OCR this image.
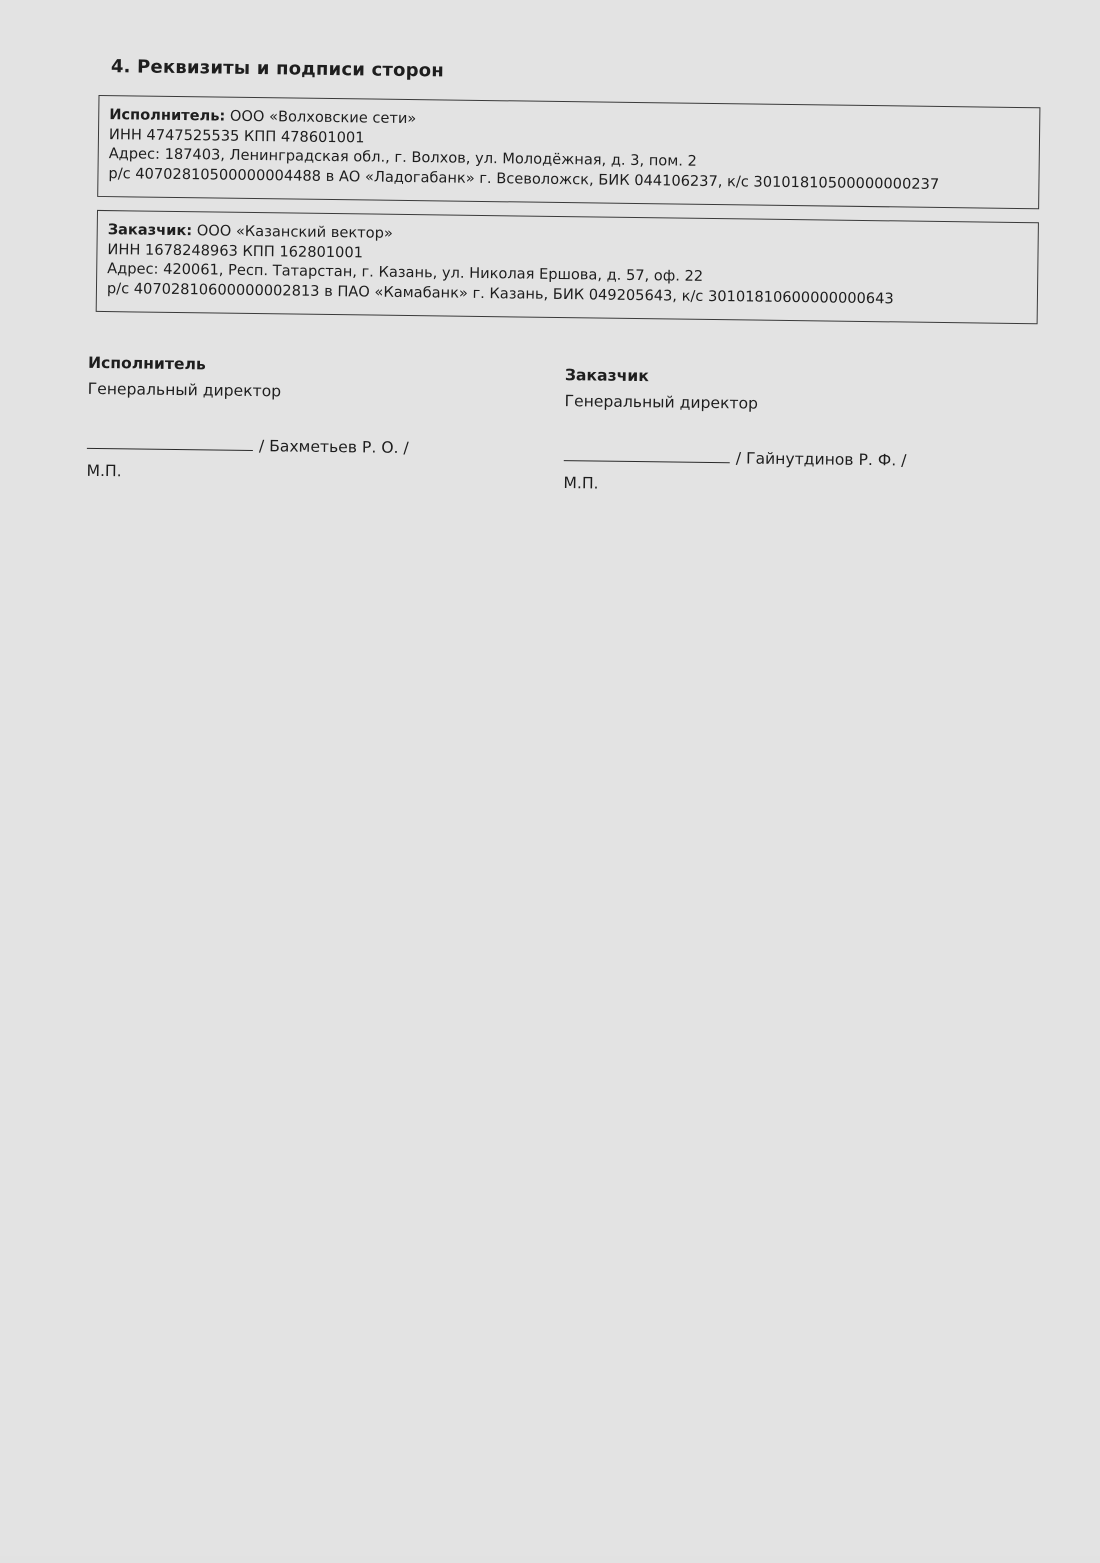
4. Реквизиты и подписи сторон
Исполнитель: ООО «Волховские сети»
ИНН 4747525535 КПП 478601001
Адрес: 187403, Ленинградская обл., г. Волхов, ул. Молодёжная, д. 3, пом. 2
р/с 40702810500000004488 в АО «Ладогабанк» г. Всеволожск, БИК 044106237, к/с 30101810500000000237
Заказчик: ООО «Казанский вектор»
ИНН 1678248963 КПП 162801001
Адрес: 420061, Респ. Татарстан, г. Казань, ул. Николая Ершова, д. 57, оф. 22
р/с 40702810600000002813 в ПАО «Камабанк» г. Казань, БИК 049205643, к/с 30101810600000000643
Исполнитель
Генеральный директор
/ Бахметьев Р. О. /
М.П.
Заказчик
Генеральный директор
/ Гайнутдинов Р. Ф. /
М.П.
